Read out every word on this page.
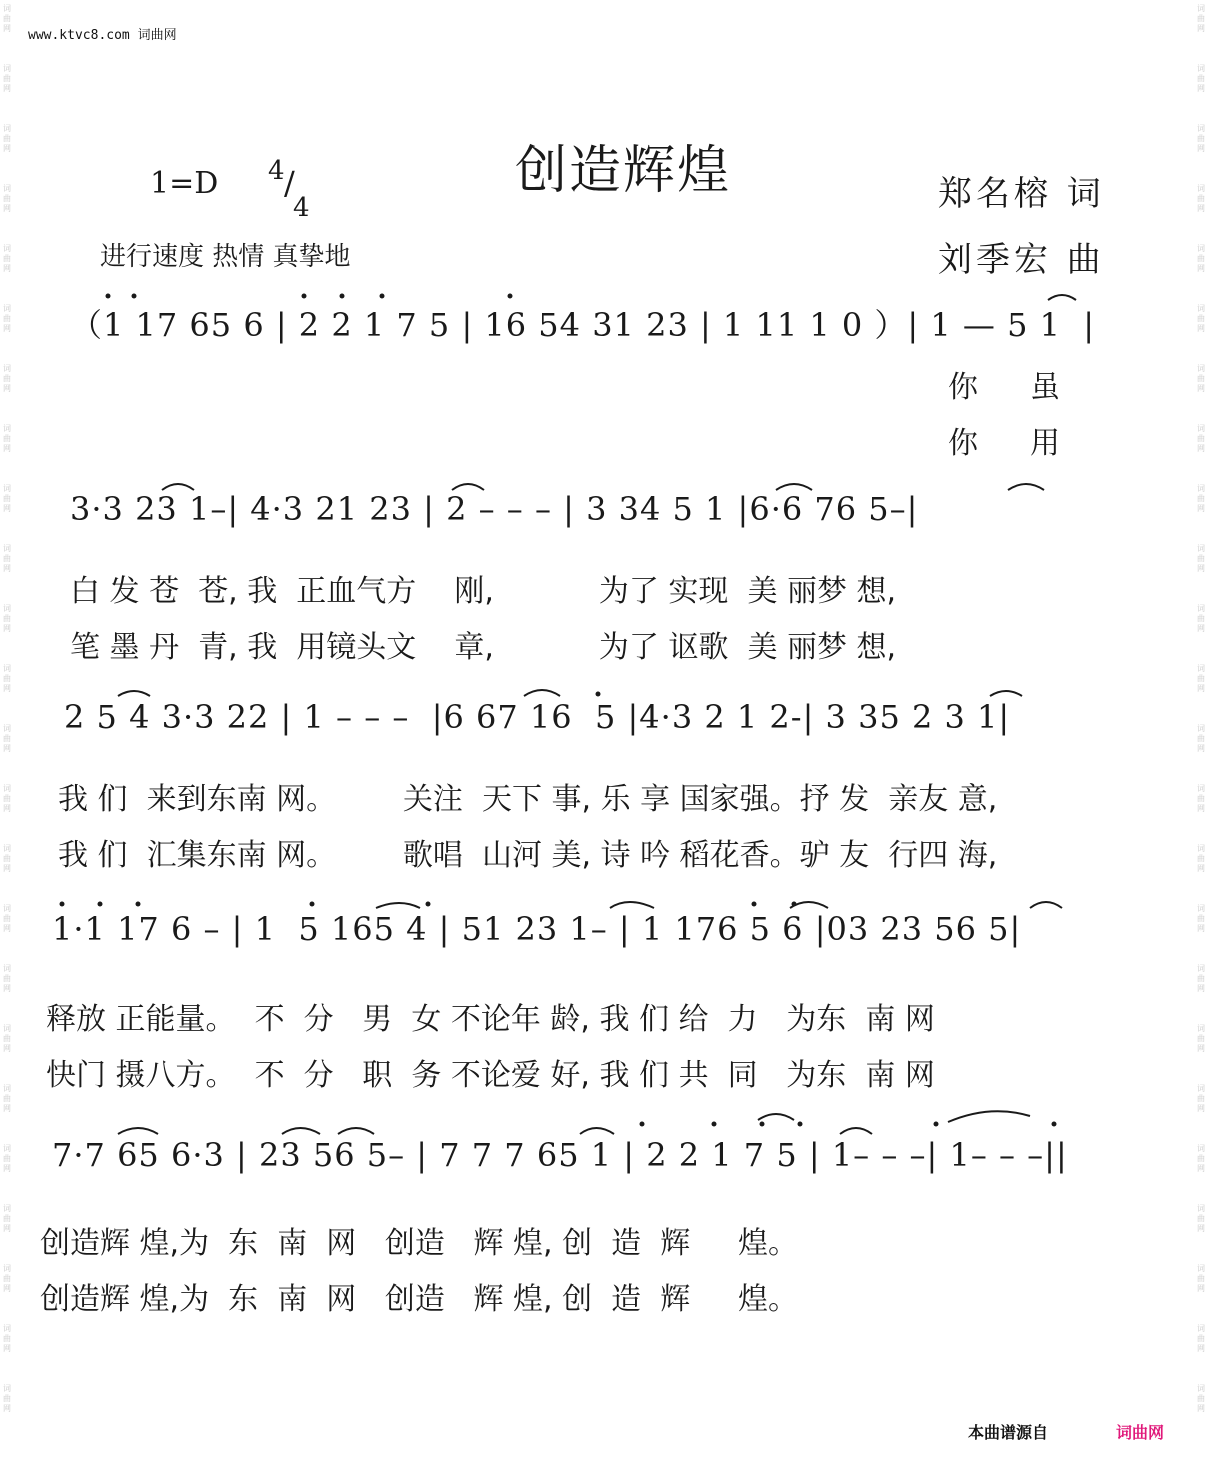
词
曲
网
词
曲
网
词
曲
网
词
曲
网
词
曲
网
词
曲
网
词
曲
网
词
曲
网
词
曲
网
词
曲
网
词
曲
网
词
曲
网
词
曲
网
词
曲
网
词
曲
网
词
曲
网
词
曲
网
词
曲
网
词
曲
网
词
曲
网
词
曲
网
词
曲
网
词
曲
网
词
曲
网
词
曲
网
词
曲
网
词
曲
网
词
曲
网
词
曲
网
词
曲
网
词
曲
网
词
曲
网
词
曲
网
词
曲
网
词
曲
网
词
曲
网
词
曲
网
词
曲
网
词
曲
网
词
曲
网
词
曲
网
词
曲
网
词
曲
网
词
曲
网
词
曲
网
词
曲
网
词
曲
网
词
曲
网
www.ktvc8.com 词曲网
创造辉煌
1=D 4 /
4
进行速度 热情 真挚地
郑名榕 词
刘季宏 曲
（1 17 65 6 | 2 2 1 7 5 | 16 54 31 23 | 1 11 1 0 ）| 1 — 5 1  |
你虽
你用
3·3 23 1–| 4·3 21 23 | 2 – – – | 3 34 5 1 |6·6 76 5–|
白 发 苍  苍, 我  正血气方    刚,           为了 实现  美 丽梦 想,
笔 墨 丹  青, 我  用镜头文    章,           为了 讴歌  美 丽梦 想,
2 5 4 3·3 22 | 1 – – –  |6 67 16  5 |4·3 2 1 2-| 3 35 2 3 1|
我 们  来到东南 网。       关注  天下 事, 乐 享 国家强。抒 发  亲友 意,
我 们  汇集东南 网。       歌唱  山河 美, 诗 吟 稻花香。驴 友  行四 海,
1·1 17 6 – | 1  5 165 4 | 51 23 1– | 1 176 5 6 |03 23 56 5|
释放 正能量。  不  分   男  女 不论年 龄, 我 们 给  力   为东  南 网
快门 摄八方。  不  分   职  务 不论爱 好, 我 们 共  同   为东  南 网
7·7 65 6·3 | 23 56 5– | 7 7 7 65 1 | 2 2 1 7 5 | 1– – –| 1– – –||
创造辉 煌,为  东  南  网   创造   辉 煌, 创  造  辉     煌。
创造辉 煌,为  东  南  网   创造   辉 煌, 创  造  辉     煌。
本曲谱源自	词曲网
